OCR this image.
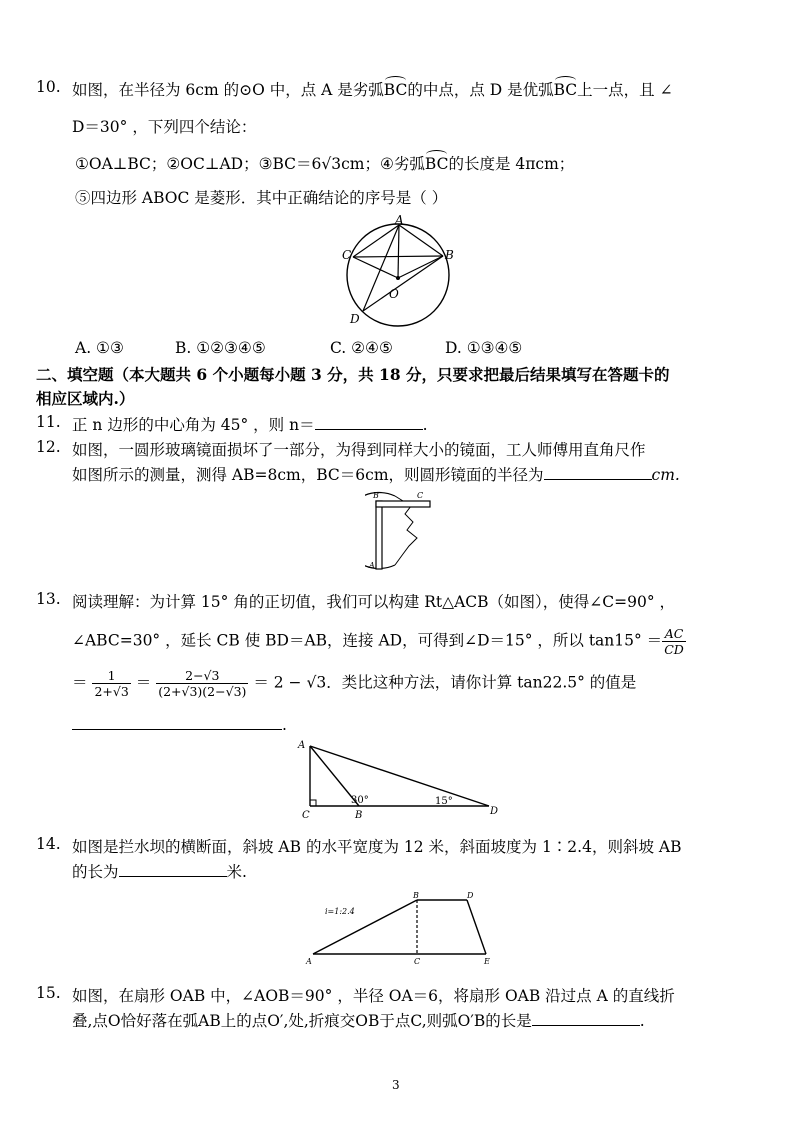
10. 如图，在半径为 6cm 的⊙O 中，点 A 是劣弧BC的中点，点 D 是优弧BC上一点，且 ∠
D＝30° ，下列四个结论：
①OA⊥BC；②OC⊥AD；③BC＝6√3cm；④劣弧BC的长度是 4πcm；
⑤四边形 ABOC 是菱形．其中正确结论的序号是（ ）
A
B
C
O
D
A. ①③	B. ①②③④⑤	C. ②④⑤	D. ①③④⑤
二、填空题（本大题共 6 个小题每小题 3 分，共 18 分，只要求把最后结果填写在答题卡的
相应区域内.）
11. 正 n 边形的中心角为 45° ，则 n＝	.
12. 如图，一圆形玻璃镜面损坏了一部分，为得到同样大小的镜面，工人师傅用直角尺作
如图所示的测量，测得 AB=8cm，BC＝6cm，则圆形镜面的半径为	cm.
B	C
A
13. 阅读理解：为计算 15° 角的正切值，我们可以构建 Rt△ACB（如图），使得∠C=90° ，
∠ABC=30° ，延长 CB 使 BD＝AB，连接 AD，可得到∠D＝15° ，所以 $\tan 15^\circ = \frac{AC}{CD}$
＝ $\frac{1}{2+√3} = \frac{2-√3}{(2+√3)(2-√3)} = 2 - √3$．类比这种方法，请你计算 tan22.5° 的值是
.
A
C	B	D
30°	15°
14. 如图是拦水坝的横断面，斜坡 AB 的水平宽度为 12 米，斜面坡度为 1∶2.4，则斜坡 AB
的长为	米.
i=1:2.4
A
B
C
D
E
15. 如图，在扇形 OAB 中，∠AOB＝90° ，半径 OA＝6，将扇形 OAB 沿过点 A 的直线折
叠,点O恰好落在弧AB上的点O′,处,折痕交OB于点C,则弧O′B的长是	.
3
